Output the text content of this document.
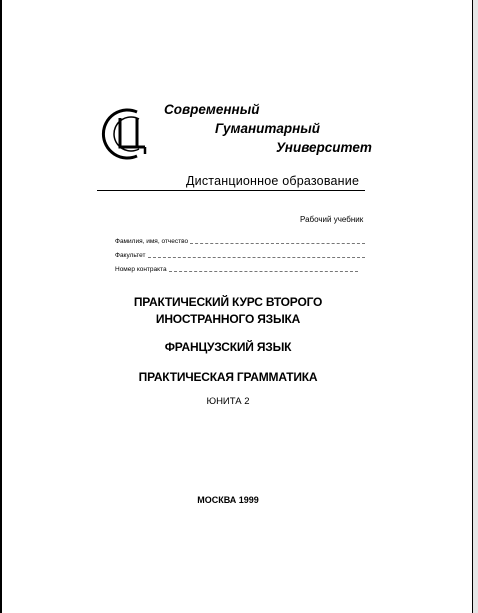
Современный
Гуманитарный
Университет
Дистанционное образование
Рабочий учебник
Фамилия, имя, отчество
Факультет
Номер контракта
ПРАКТИЧЕСКИЙ КУРС ВТОРОГО
ИНОСТРАННОГО ЯЗЫКА
ФРАНЦУЗСКИЙ ЯЗЫК
ПРАКТИЧЕСКАЯ ГРАММАТИКА
ЮНИТА 2
МОСКВА 1999
